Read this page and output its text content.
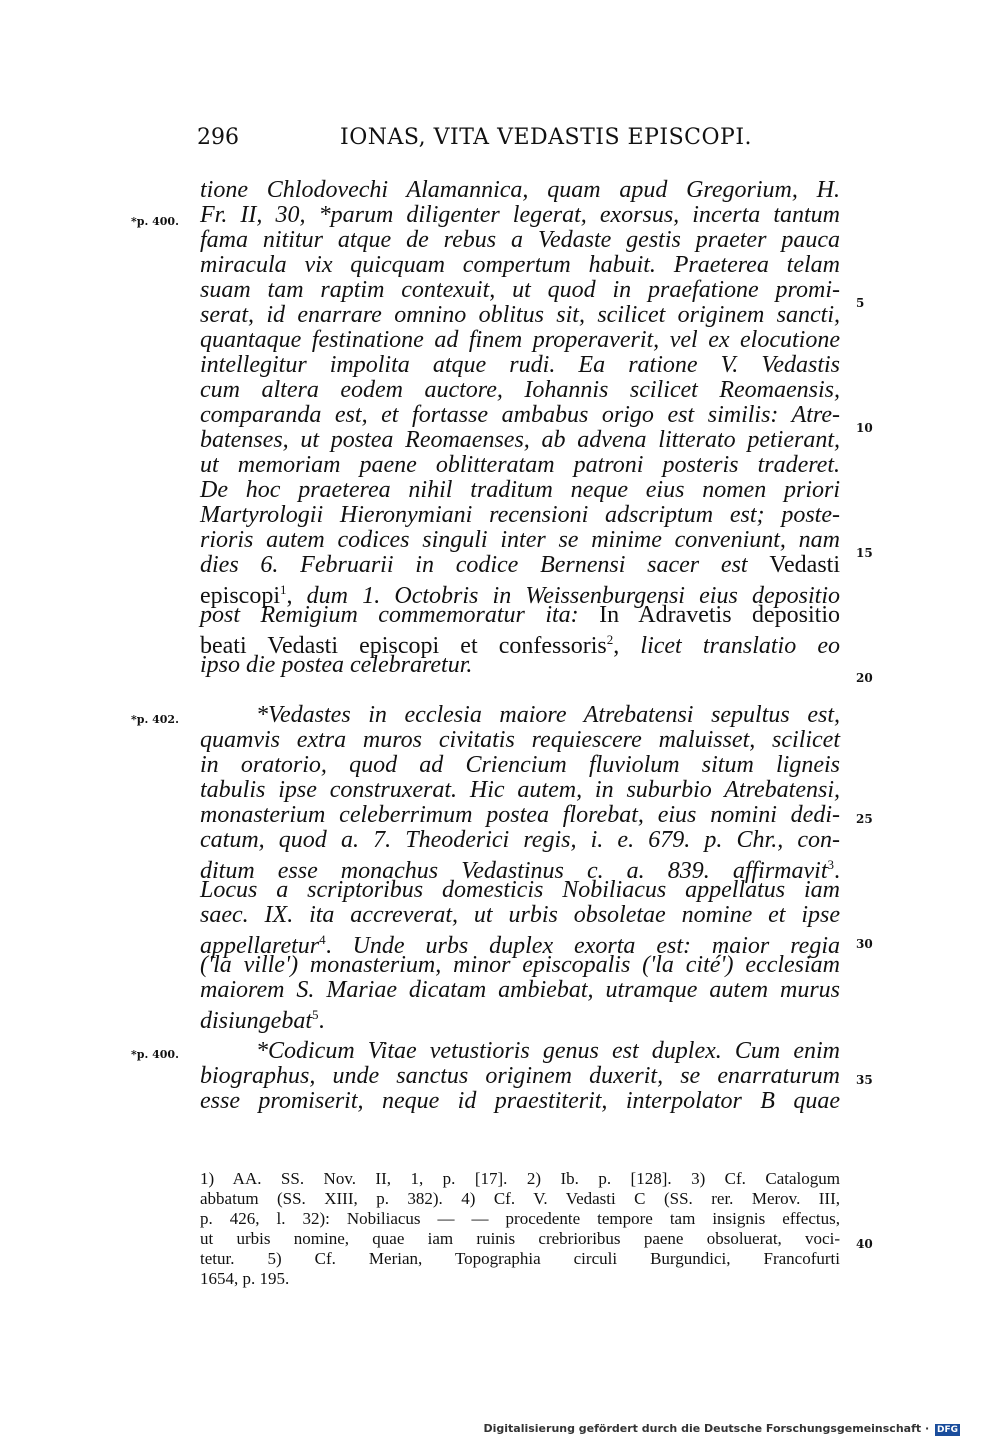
296	IONAS, VITA VEDASTIS EPISCOPI.
*p. 400.
*p. 402.
*p. 400.
5
10
15
20
25
30
35
40
tione Chlodovechi Alamannica, quam apud Gregorium, H.
Fr. II, 30, *parum diligenter legerat, exorsus, incerta tantum
fama nititur atque de rebus a Vedaste gestis praeter pauca
miracula vix quicquam compertum habuit. Praeterea telam
suam tam raptim contexuit, ut quod in praefatione promi-
serat, id enarrare omnino oblitus sit, scilicet originem sancti,
quantaque festinatione ad finem properaverit, vel ex elocutione
intellegitur impolita atque rudi. Ea ratione V. Vedastis
cum altera eodem auctore, Iohannis scilicet Reomaensis,
comparanda est, et fortasse ambabus origo est similis: Atre-
batenses, ut postea Reomaenses, ab advena litterato petierant,
ut memoriam paene oblitteratam patroni posteris traderet.
De hoc praeterea nihil traditum neque eius nomen priori
Martyrologii Hieronymiani recensioni adscriptum est; poste-
rioris autem codices singuli inter se minime conveniunt, nam
dies 6. Februarii in codice Bernensi sacer est Vedasti
episcopi$^1$, dum 1. Octobris in Weissenburgensi eius depositio
post Remigium commemoratur ita: In Adravetis depositio
beati Vedasti episcopi et confessoris$^2$, licet translatio eo
ipso die postea celebraretur.
*Vedastes in ecclesia maiore Atrebatensi sepultus est,
quamvis extra muros civitatis requiescere maluisset, scilicet
in oratorio, quod ad Criencium fluviolum situm ligneis
tabulis ipse construxerat. Hic autem, in suburbio Atrebatensi,
monasterium celeberrimum postea florebat, eius nomini dedi-
catum, quod a. 7. Theoderici regis, i. e. 679. p. Chr., con-
ditum esse monachus Vedastinus c. a. 839. affirmavit$^3$.
Locus a scriptoribus domesticis Nobiliacus appellatus iam
saec. IX. ita accreverat, ut urbis obsoletae nomine et ipse
appellaretur$^4$. Unde urbs duplex exorta est: maior regia
('la ville') monasterium, minor episcopalis ('la cité') ecclesiam
maiorem S. Mariae dicatam ambiebat, utramque autem murus
disiungebat$^5$.
*Codicum Vitae vetustioris genus est duplex. Cum enim
biographus, unde sanctus originem duxerit, se enarraturum
esse promiserit, neque id praestiterit, interpolator B quae
1) AA. SS. Nov. II, 1, p. [17]. 2) Ib. p. [128]. 3) Cf. Catalogum
abbatum (SS. XIII, p. 382). 4) Cf. V. Vedasti C (SS. rer. Merov. III,
p. 426, l. 32): Nobiliacus — — procedente tempore tam insignis effectus,
ut urbis nomine, quae iam ruinis crebrioribus paene obsoluerat, voci-
tetur. 5) Cf. Merian, Topographia circuli Burgundici, Francofurti
1654, p. 195.
Digitalisierung gefördert durch die Deutsche Forschungsgemeinschaft · DFG
